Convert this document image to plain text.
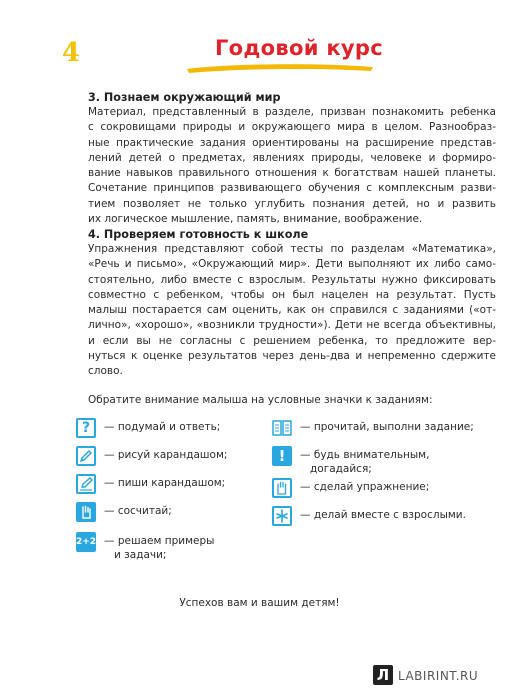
4	Годовой курс
3. Познаем окружающий мир
Материал, представленный в разделе, призван познакомить ребенка
с сокровищами природы и окружающего мира в целом. Разнообраз-
ные практические задания ориентированы на расширение представ-
лений детей о предметах, явлениях природы, человеке и формиро-
вание навыков правильного отношения к богатствам нашей планеты.
Сочетание принципов развивающего обучения с комплексным разви-
тием позволяет не только углубить познания детей, но и развить
их логическое мышление, память, внимание, воображение.
4. Проверяем готовность к школе
Упражнения представляют собой тесты по разделам «Математика»,
«Речь и письмо», «Окружающий мир». Дети выполняют их либо само-
стоятельно, либо вместе с взрослым. Результаты нужно фиксировать
совместно с ребенком, чтобы он был нацелен на результат. Пусть
малыш постарается сам оценить, как он справился с заданиями («от-
лично», «хорошо», «возникли трудности»). Дети не всегда объективны,
и если вы не согласны с решением ребенка, то предложите вер-
нуться к оценке результатов через день-два и непременно сдержите
слово.
Обратите внимание малыша на условные значки к заданиям:
?	— подумай и ответь;
— рисуй карандашом;
— пиши карандашом;
— сосчитай;
2+2 — решаем примеры
и задачи;
— прочитай, выполни задание;
!	— будь внимательным,
догадайся;
— сделай упражнение;
— делай вместе с взрослыми.
Успехов вам и вашим детям!
Л LABIRINT.RU
